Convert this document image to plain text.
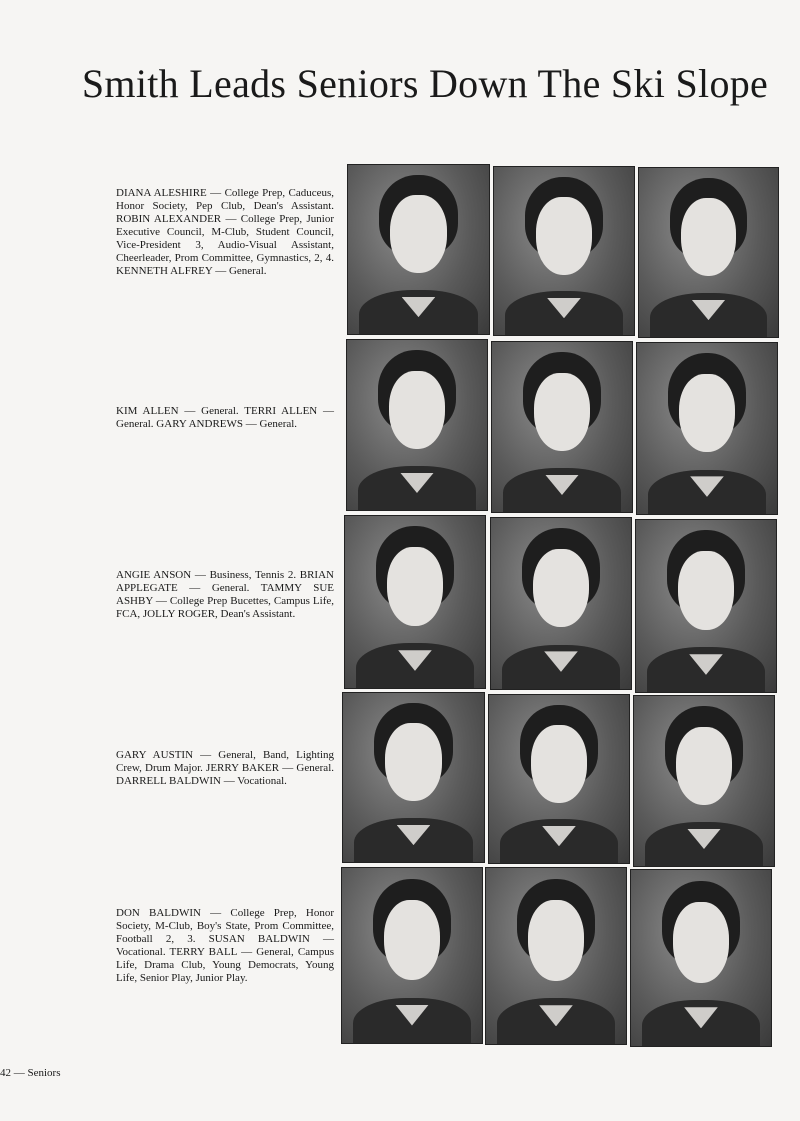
Smith Leads Seniors Down The Ski Slope

DIANA ALESHIRE — College Prep, Caduceus, Honor Society, Pep Club, Dean's Assistant. ROBIN ALEXANDER — College Prep, Junior Executive Council, M-Club, Student Council, Vice-President 3, Audio-Visual Assistant, Cheerleader, Prom Committee, Gymnastics, 2, 4. KENNETH ALFREY — General.

KIM ALLEN — General. TERRI ALLEN — General. GARY ANDREWS — General.

ANGIE ANSON — Business, Tennis 2. BRIAN APPLEGATE — General. TAMMY SUE ASHBY — College Prep Bucettes, Campus Life, FCA, JOLLY ROGER, Dean's Assistant.

GARY AUSTIN — General, Band, Lighting Crew, Drum Major. JERRY BAKER — General. DARRELL BALDWIN — Vocational.

DON BALDWIN — College Prep, Honor Society, M-Club, Boy's State, Prom Committee, Football 2, 3. SUSAN BALDWIN — Vocational. TERRY BALL — General, Campus Life, Drama Club, Young Democrats, Young Life, Senior Play, Junior Play.

42 — Seniors
